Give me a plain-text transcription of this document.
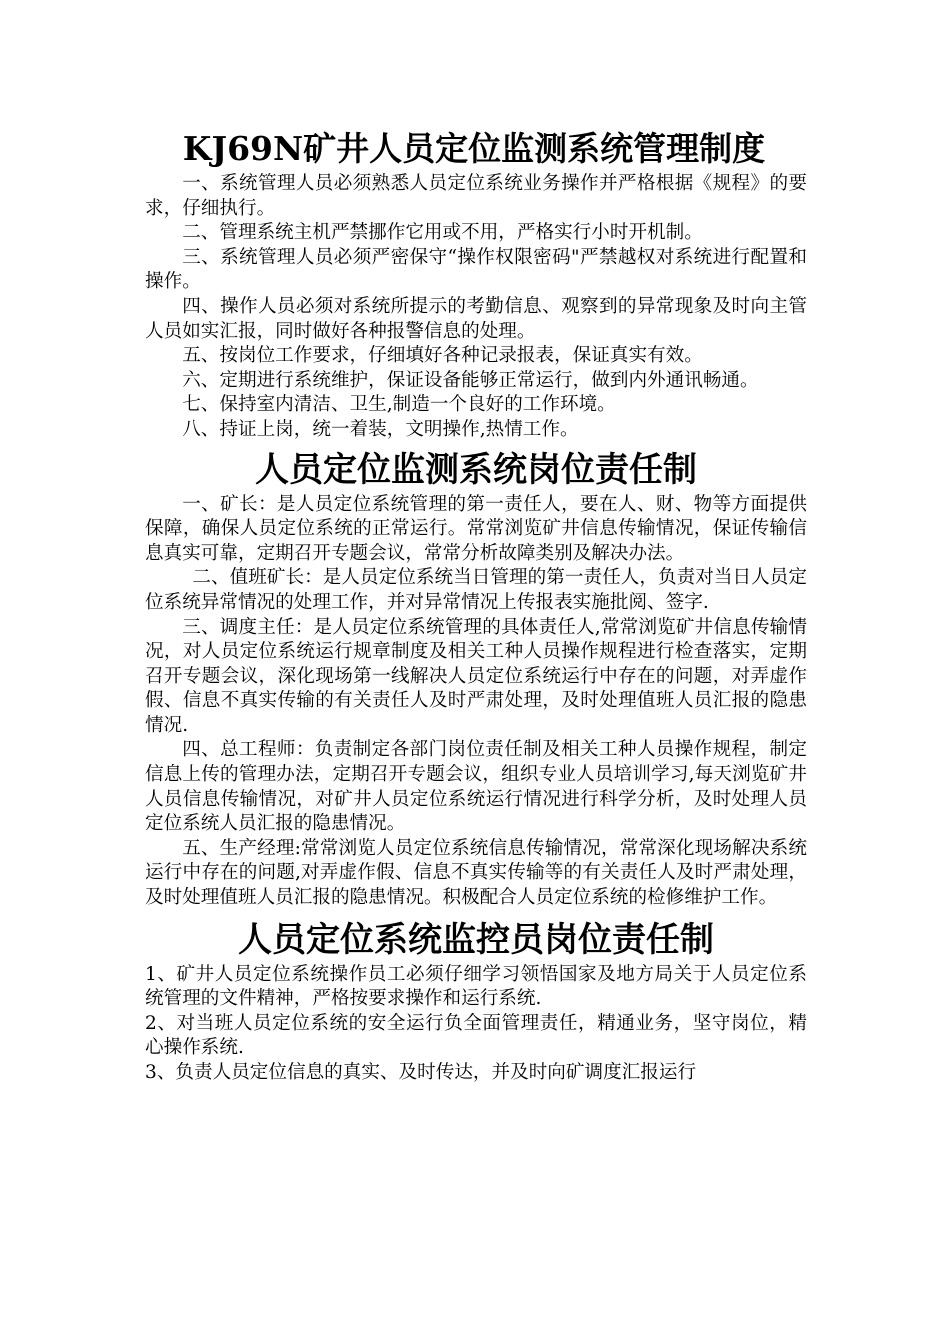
KJ69N矿井人员定位监测系统管理制度

一、系统管理人员必须熟悉人员定位系统业务操作并严格根据《规程》的要求，仔细执行。

二、管理系统主机严禁挪作它用或不用，严格实行小时开机制。

三、系统管理人员必须严密保守“操作权限密码"严禁越权对系统进行配置和操作。

四、操作人员必须对系统所提示的考勤信息、观察到的异常现象及时向主管人员如实汇报，同时做好各种报警信息的处理。

五、按岗位工作要求，仔细填好各种记录报表，保证真实有效。

六、定期进行系统维护，保证设备能够正常运行，做到内外通讯畅通。

七、保持室内清洁、卫生,制造一个良好的工作环境。

八、持证上岗，统一着装，文明操作,热情工作。

人员定位监测系统岗位责任制

一、矿长：是人员定位系统管理的第一责任人，要在人、财、物等方面提供保障，确保人员定位系统的正常运行。常常浏览矿井信息传输情况，保证传输信息真实可靠，定期召开专题会议，常常分析故障类别及解决办法。

二、值班矿长：是人员定位系统当日管理的第一责任人，负责对当日人员定位系统异常情况的处理工作，并对异常情况上传报表实施批阅、签字.

三、调度主任：是人员定位系统管理的具体责任人,常常浏览矿井信息传输情况，对人员定位系统运行规章制度及相关工种人员操作规程进行检查落实，定期召开专题会议，深化现场第一线解决人员定位系统运行中存在的问题，对弄虚作假、信息不真实传输的有关责任人及时严肃处理，及时处理值班人员汇报的隐患情况.

四、总工程师：负责制定各部门岗位责任制及相关工种人员操作规程，制定信息上传的管理办法，定期召开专题会议，组织专业人员培训学习,每天浏览矿井人员信息传输情况，对矿井人员定位系统运行情况进行科学分析，及时处理人员定位系统人员汇报的隐患情况。

五、生产经理:常常浏览人员定位系统信息传输情况，常常深化现场解决系统运行中存在的问题,对弄虚作假、信息不真实传输等的有关责任人及时严肃处理，及时处理值班人员汇报的隐患情况。积极配合人员定位系统的检修维护工作。

人员定位系统监控员岗位责任制

1、矿井人员定位系统操作员工必须仔细学习领悟国家及地方局关于人员定位系统管理的文件精神，严格按要求操作和运行系统.

2、对当班人员定位系统的安全运行负全面管理责任，精通业务，坚守岗位，精心操作系统.

3、负责人员定位信息的真实、及时传达，并及时向矿调度汇报运行
